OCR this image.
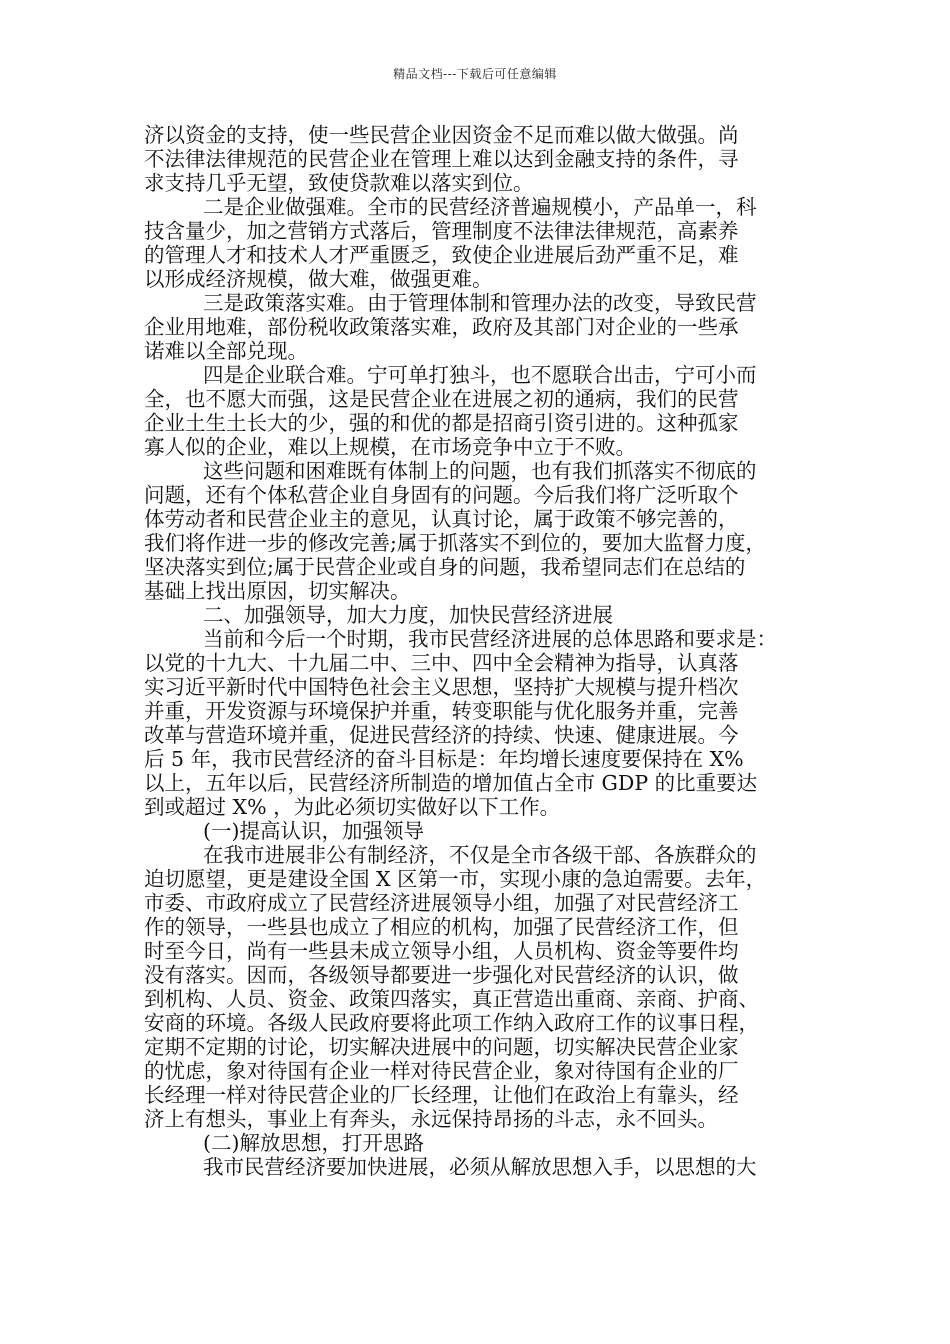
精品文档---下载后可任意编辑
济以资金的支持，使一些民营企业因资金不足而难以做大做强。尚
不法律法律规范的民营企业在管理上难以达到金融支持的条件，寻
求支持几乎无望，致使贷款难以落实到位。
二是企业做强难。全市的民营经济普遍规模小，产品单一，科
技含量少，加之营销方式落后，管理制度不法律法律规范，高素养
的管理人才和技术人才严重匮乏，致使企业进展后劲严重不足，难
以形成经济规模，做大难，做强更难。
三是政策落实难。由于管理体制和管理办法的改变，导致民营
企业用地难，部份税收政策落实难，政府及其部门对企业的一些承
诺难以全部兑现。
四是企业联合难。宁可单打独斗，也不愿联合出击，宁可小而
全，也不愿大而强，这是民营企业在进展之初的通病，我们的民营
企业土生土长大的少，强的和优的都是招商引资引进的。这种孤家
寡人似的企业，难以上规模，在市场竞争中立于不败。
这些问题和困难既有体制上的问题，也有我们抓落实不彻底的
问题，还有个体私营企业自身固有的问题。今后我们将广泛听取个
体劳动者和民营企业主的意见，认真讨论，属于政策不够完善的，
我们将作进一步的修改完善;属于抓落实不到位的，要加大监督力度，
坚决落实到位;属于民营企业或自身的问题，我希望同志们在总结的
基础上找出原因，切实解决。
二、加强领导，加大力度，加快民营经济进展
当前和今后一个时期，我市民营经济进展的总体思路和要求是：
以党的十九大、十九届二中、三中、四中全会精神为指导，认真落
实习近平新时代中国特色社会主义思想，坚持扩大规模与提升档次
并重，开发资源与环境保护并重，转变职能与优化服务并重，完善
改革与营造环境并重，促进民营经济的持续、快速、健康进展。今
后 5 年，我市民营经济的奋斗目标是：年均增长速度要保持在 X%
以上，五年以后，民营经济所制造的增加值占全市 GDP 的比重要达
到或超过 X% ，为此必须切实做好以下工作。
(一)提高认识，加强领导
在我市进展非公有制经济，不仅是全市各级干部、各族群众的
迫切愿望，更是建设全国 X 区第一市，实现小康的急迫需要。去年，
市委、市政府成立了民营经济进展领导小组，加强了对民营经济工
作的领导，一些县也成立了相应的机构，加强了民营经济工作，但
时至今日，尚有一些县未成立领导小组，人员机构、资金等要件均
没有落实。因而，各级领导都要进一步强化对民营经济的认识，做
到机构、人员、资金、政策四落实，真正营造出重商、亲商、护商、
安商的环境。各级人民政府要将此项工作纳入政府工作的议事日程，
定期不定期的讨论，切实解决进展中的问题，切实解决民营企业家
的忧虑，象对待国有企业一样对待民营企业，象对待国有企业的厂
长经理一样对待民营企业的厂长经理，让他们在政治上有靠头，经
济上有想头，事业上有奔头，永远保持昂扬的斗志，永不回头。
(二)解放思想，打开思路
我市民营经济要加快进展，必须从解放思想入手，以思想的大
